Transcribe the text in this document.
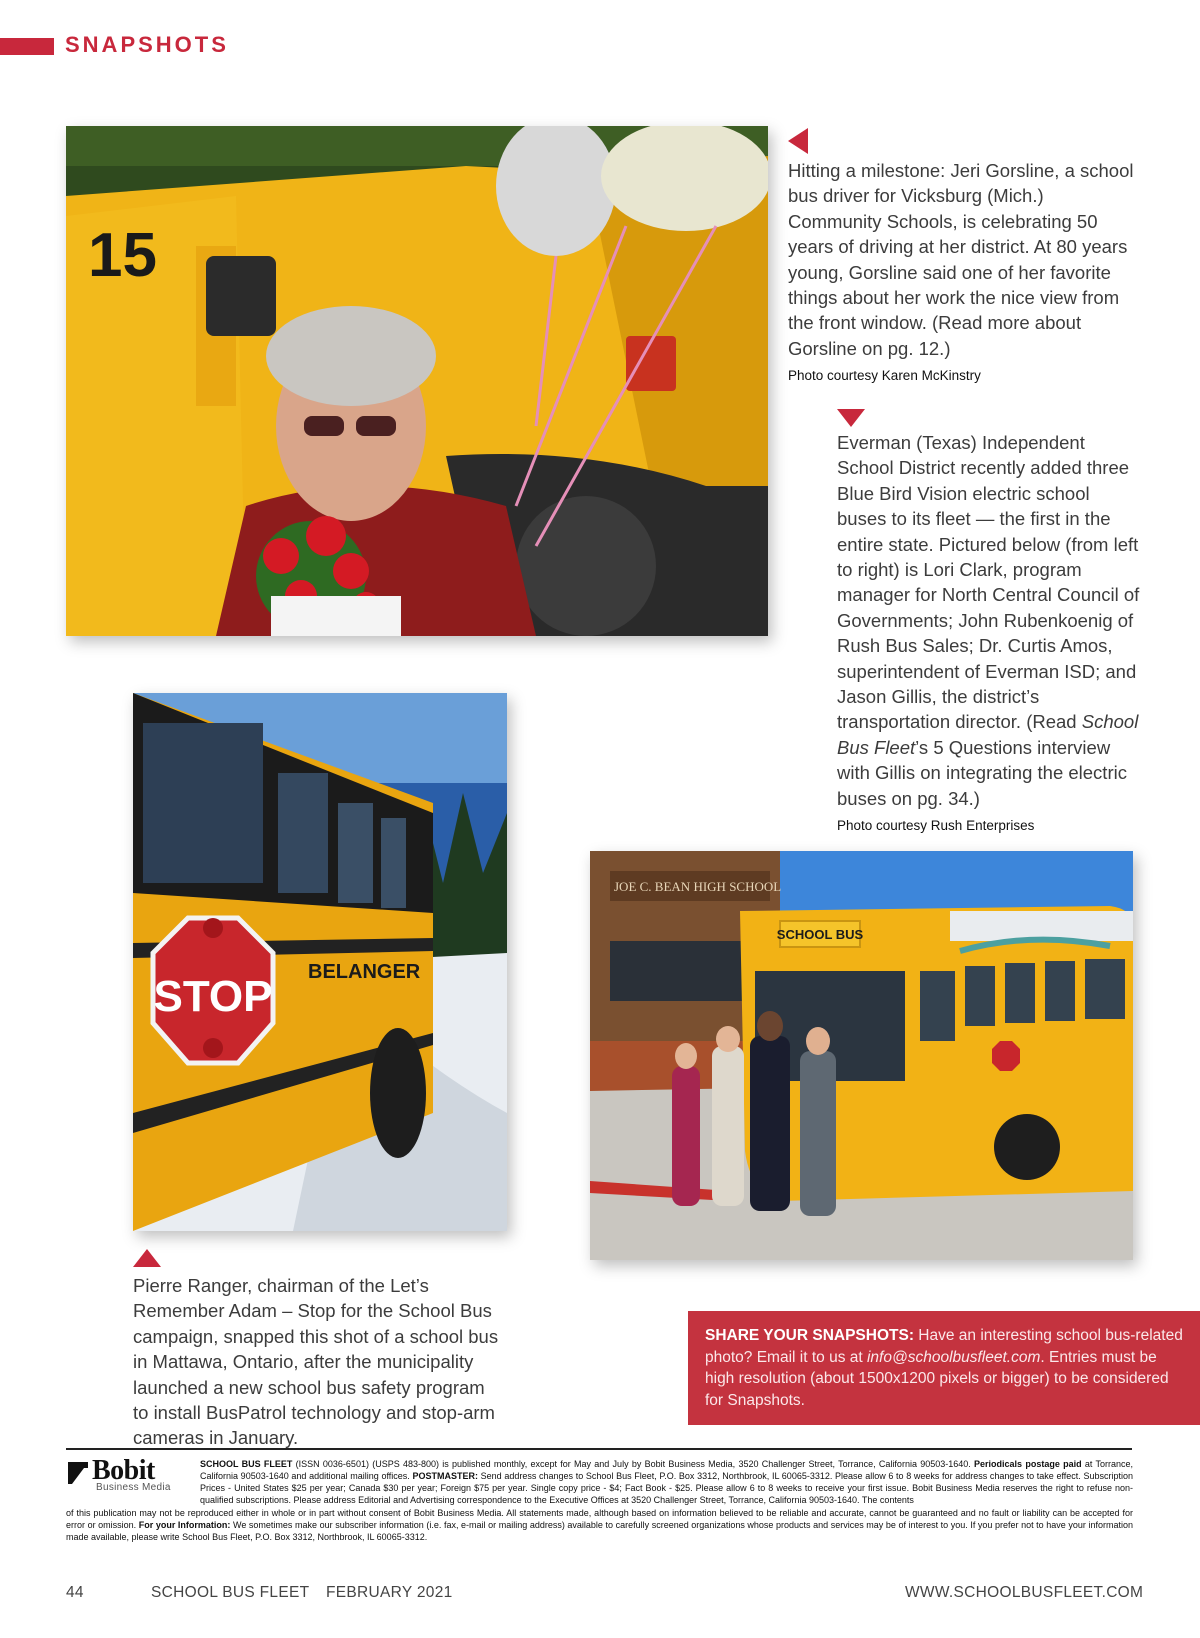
SNAPSHOTS
15

Hitting a milestone: Jeri Gorsline, a school bus driver for Vicksburg (Mich.) Community Schools, is celebrating 50 years of driving at her district. At 80 years young, Gorsline said one of her favorite things about her work the nice view from the front window. (Read more about Gorsline on pg. 12.)

Photo courtesy Karen McKinstry

Everman (Texas) Independent School District recently added three Blue Bird Vision electric school buses to its fleet — the first in the entire state. Pictured below (from left to right) is Lori Clark, program manager for North Central Council of Governments; John Rubenkoenig of Rush Bus Sales; Dr. Curtis Amos, superintendent of Everman ISD; and Jason Gillis, the district’s transportation director. (Read School Bus Fleet’s 5 Questions interview with Gillis on integrating the electric buses on pg. 34.)

Photo courtesy Rush Enterprises

STOP BELANGER

Pierre Ranger, chairman of the Let’s Remember Adam – Stop for the School Bus campaign, snapped this shot of a school bus in Mattawa, Ontario, after the municipality launched a new school bus safety program to install BusPatrol technology and stop-arm cameras in January.

SCHOOL BUS
JOE C. BEAN HIGH SCHOOL
SHARE YOUR SNAPSHOTS: Have an interesting school bus-related photo? Email it to us at info@schoolbusfleet.com. Entries must be high resolution (about 1500x1200 pixels or bigger) to be considered for Snapshots.
Bobit
Business Media
SCHOOL BUS FLEET (ISSN 0036-6501) (USPS 483-800) is published monthly, except for May and July by Bobit Business Media, 3520 Challenger Street, Torrance, California 90503-1640. Periodicals postage paid at Torrance, California 90503-1640 and additional mailing offices. POSTMASTER: Send address changes to School Bus Fleet, P.O. Box 3312, Northbrook, IL 60065-3312. Please allow 6 to 8 weeks for address changes to take effect. Subscription Prices - United States $25 per year; Canada $30 per year; Foreign $75 per year. Single copy price - $4; Fact Book - $25. Please allow 6 to 8 weeks to receive your first issue. Bobit Business Media reserves the right to refuse non-qualified subscriptions. Please address Editorial and Advertising correspondence to the Executive Offices at 3520 Challenger Street, Torrance, California 90503-1640. The contents
of this publication may not be reproduced either in whole or in part without consent of Bobit Business Media. All statements made, although based on information believed to be reliable and accurate, cannot be guaranteed and no fault or liability can be accepted for error or omission. For your Information: We sometimes make our subscriber information (i.e. fax, e-mail or mailing address) available to carefully screened organizations whose products and services may be of interest to you. If you prefer not to have your information made available, please write School Bus Fleet, P.O. Box 3312, Northbrook, IL 60065-3312.
44	SCHOOL BUS FLEET FEBRUARY 2021	WWW.SCHOOLBUSFLEET.COM
